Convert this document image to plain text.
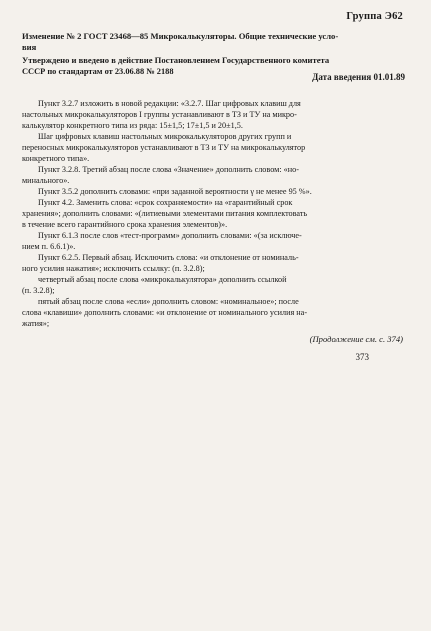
Группа Э62
Изменение № 2 ГОСТ 23468—85 Микрокалькуляторы. Общие технические усло-
вия
Утверждено и введено в действие Постановлением Государственного комитета
СССР по стандартам от 23.06.88 № 2188
Дата введения 01.01.89
Пункт 3.2.7 изложить в новой редакции: «3.2.7. Шаг цифровых клавиш для
настольных микрокалькуляторов I группы устанавливают в ТЗ и ТУ на микро-
калькулятор конкретного типа из ряда: 15±1,5; 17±1,5 и 20±1,5.
Шаг цифровых клавиш настольных микрокалькуляторов других групп и
переносных микрокалькуляторов устанавливают в ТЗ и ТУ на микрокалькулятор
конкретного типа».
Пункт 3.2.8. Третий абзац после слова «Значение» дополнить словом: «но-
минального».
Пункт 3.5.2 дополнить словами: «при заданной вероятности γ не менее 95 %».
Пункт 4.2. Заменить слова: «срок сохраняемости» на «гарантийный срок
хранения»; дополнить словами: «(литиевыми элементами питания комплектовать
в течение всего гарантийного срока хранения элементов)».
Пункт 6.1.3 после слов «тест-программ» дополнить словами: «(за исключе-
нием п. 6.6.1)».
Пункт 6.2.5. Первый абзац. Исключить слова: «и отклонение от номиналь-
ного усилия нажатия»; исключить ссылку: (п. 3.2.8);
четвертый абзац после слова «микрокалькулятора» дополнить ссылкой
(п. 3.2.8);
пятый абзац после слова «если» дополнить словом: «номинальное»; после
слова «клавиши» дополнить словами: «и отклонение от номинального усилия на-
жатия»;
(Продолжение см. с. 374)
373
